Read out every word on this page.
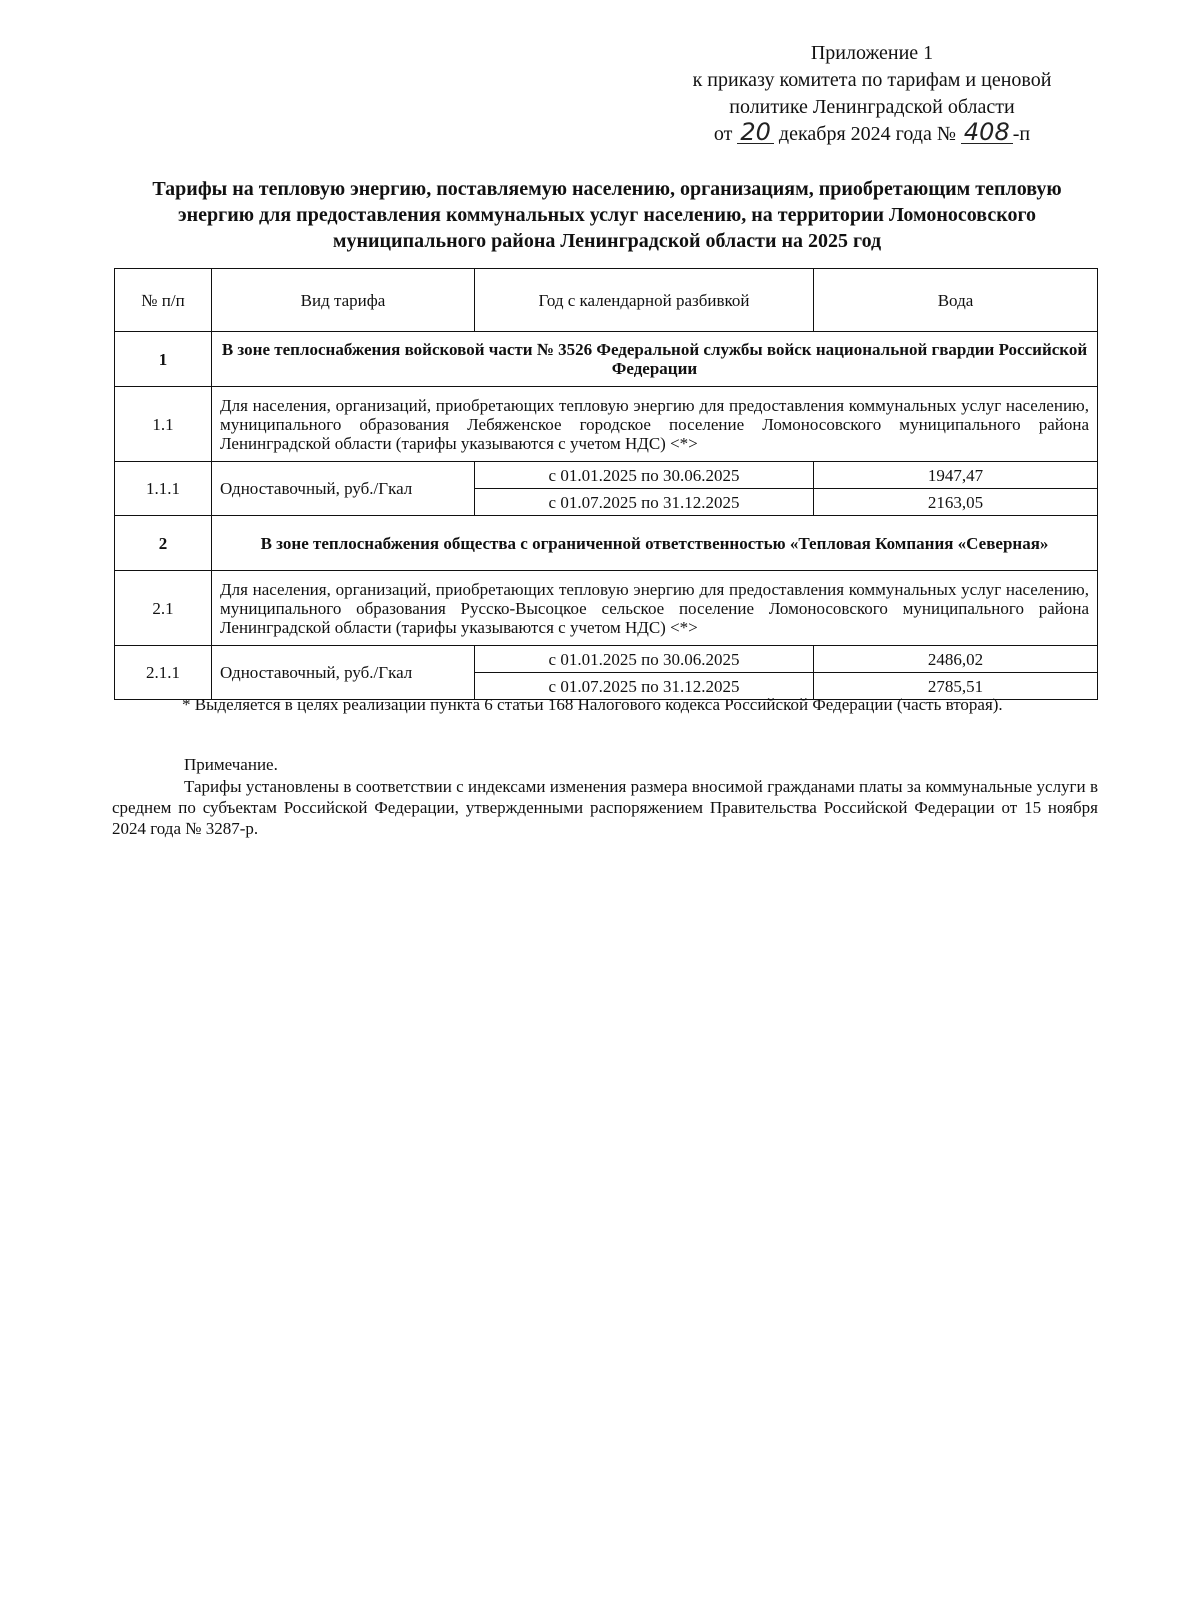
Приложение 1
к приказу комитета по тарифам и ценовой
политике Ленинградской области
от 20 декабря 2024 года № 408 -п
Тарифы на тепловую энергию, поставляемую населению, организациям, приобретающим тепловую энергию для предоставления коммунальных услуг населению, на территории Ломоносовского муниципального района Ленинградской области на 2025 год
№ п/п	Вид тарифа	Год с календарной разбивкой	Вода
1	В зоне теплоснабжения войсковой части № 3526 Федеральной службы войск национальной гвардии Российской Федерации		
1.1	Для населения, организаций, приобретающих тепловую энергию для предоставления коммунальных услуг населению, муниципального образования Лебяженское городское поселение Ломоносовского муниципального района Ленинградской области (тарифы указываются с учетом НДС) <*>		
1.1.1	Одноставочный, руб./Гкал	с 01.01.2025 по 30.06.2025	1947,47
		с 01.07.2025 по 31.12.2025	2163,05
2	В зоне теплоснабжения общества с ограниченной ответственностью «Тепловая Компания «Северная»		
2.1	Для населения, организаций, приобретающих тепловую энергию для предоставления коммунальных услуг населению, муниципального образования Русско-Высоцкое сельское поселение Ломоносовского муниципального района Ленинградской области (тарифы указываются с учетом НДС) <*>		
2.1.1	Одноставочный, руб./Гкал	с 01.01.2025 по 30.06.2025	2486,02
		с 01.07.2025 по 31.12.2025	2785,51
* Выделяется в целях реализации пункта 6 статьи 168 Налогового кодекса Российской Федерации (часть вторая).
Примечание.
Тарифы установлены в соответствии с индексами изменения размера вносимой гражданами платы за коммунальные услуги в среднем по субъектам Российской Федерации, утвержденными распоряжением Правительства Российской Федерации от 15 ноября 2024 года № 3287-р.
